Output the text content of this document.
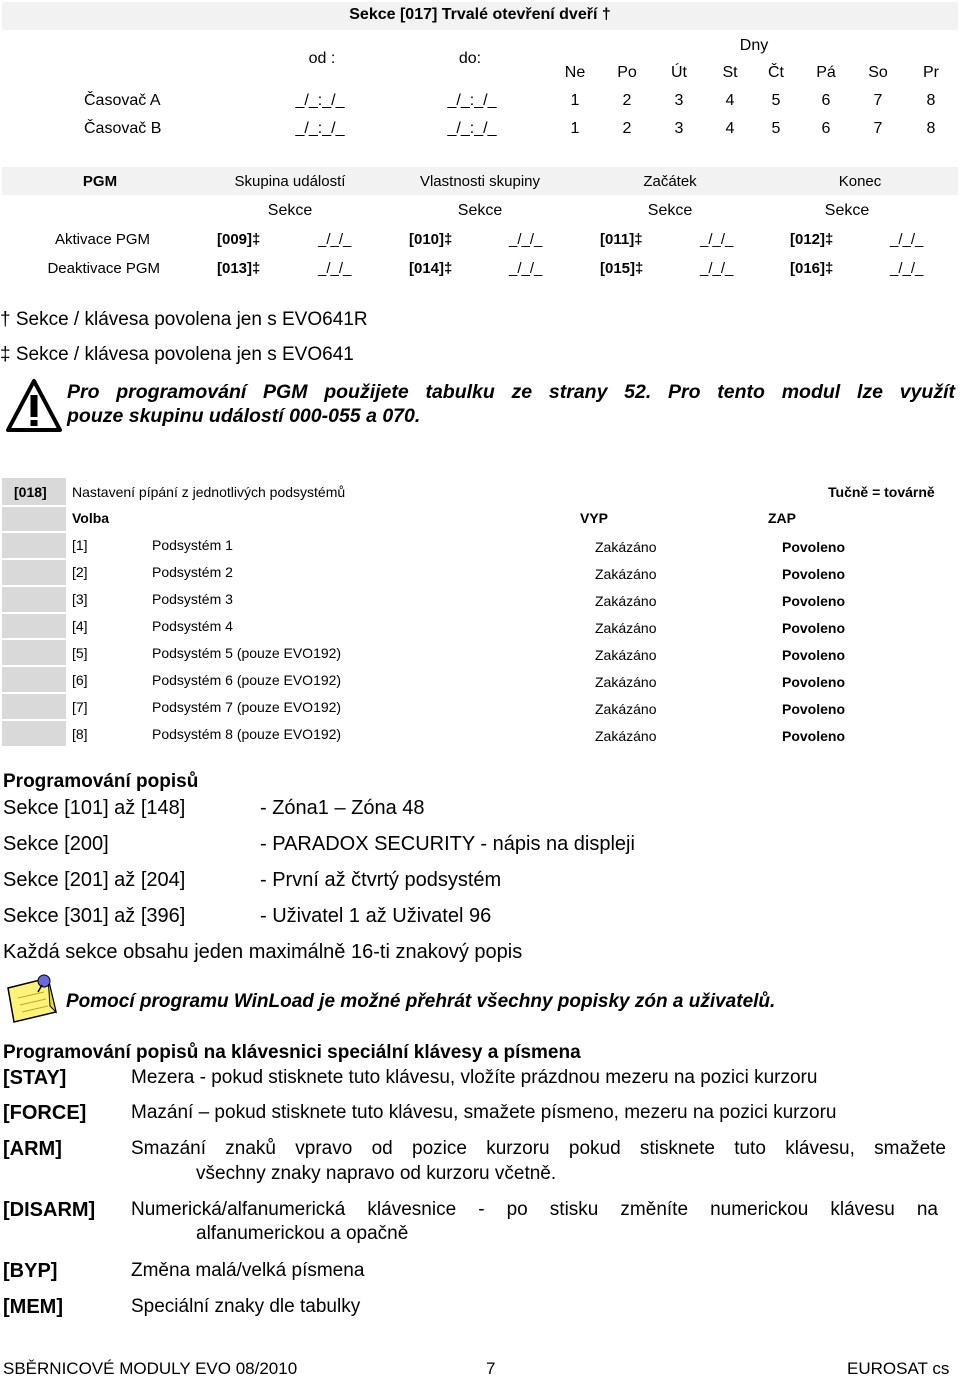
Sekce [017] Trvalé otevření dveří †
Dny
od :	do:
Ne	Po	Út	St	Čt	Pá	So	Pr
Časovač A	_/_:_/_	_/_:_/_	1	2	3	4	5	6	7	8
Časovač B	_/_:_/_	_/_:_/_	1	2	3	4	5	6	7	8
PGM	Skupina událostí	Vlastnosti skupiny	Začátek	Konec
Sekce	Sekce	Sekce	Sekce
Aktivace PGM	[009]‡	_/_/_	[010]‡	_/_/_	[011]‡	_/_/_	[012]‡	_/_/_
Deaktivace PGM	[013]‡	_/_/_	[014]‡	_/_/_	[015]‡	_/_/_	[016]‡	_/_/_
† Sekce / klávesa povolena jen s EVO641R
‡ Sekce / klávesa povolena jen s EVO641
Pro programování PGM použijete tabulku ze strany 52. Pro tento modul lze využít
pouze skupinu událostí 000-055 a 070.
[018] Nastavení pípání z jednotlivých podsystémů	Tučně = továrně
Volba	VYP	ZAP
[1]	Podsystém 1	Zakázáno	Povoleno
[2]	Podsystém 2	Zakázáno	Povoleno
[3]	Podsystém 3	Zakázáno	Povoleno
[4]	Podsystém 4	Zakázáno	Povoleno
[5]	Podsystém 5 (pouze EVO192)	Zakázáno	Povoleno
[6]	Podsystém 6 (pouze EVO192)	Zakázáno	Povoleno
[7]	Podsystém 7 (pouze EVO192)	Zakázáno	Povoleno
[8]	Podsystém 8 (pouze EVO192)	Zakázáno	Povoleno
Programování popisů
Sekce [101] až [148]	- Zóna1 – Zóna 48
Sekce [200]	- PARADOX SECURITY - nápis na displeji
Sekce [201] až [204]	- První až čtvrtý podsystém
Sekce [301] až [396]	- Uživatel 1 až Uživatel 96
Každá sekce obsahu jeden maximálně 16-ti znakový popis
Pomocí programu WinLoad je možné přehrát všechny popisky zón a uživatelů.
Programování popisů na klávesnici speciální klávesy a písmena
[STAY]	Mezera - pokud stisknete tuto klávesu, vložíte prázdnou mezeru na pozici kurzoru
[FORCE] Mazání – pokud stisknete tuto klávesu, smažete písmeno, mezeru na pozici kurzoru
[ARM]	Smazání znaků vpravo od pozice kurzoru pokud stisknete tuto klávesu, smažete
všechny znaky napravo od kurzoru včetně.
[DISARM] Numerická/alfanumerická klávesnice - po stisku změníte numerickou klávesu na
alfanumerickou a opačně
[BYP]	Změna malá/velká písmena
[MEM]	Speciální znaky dle tabulky
SBĚRNICOVÉ MODULY EVO 08/2010	7	EUROSAT cs
